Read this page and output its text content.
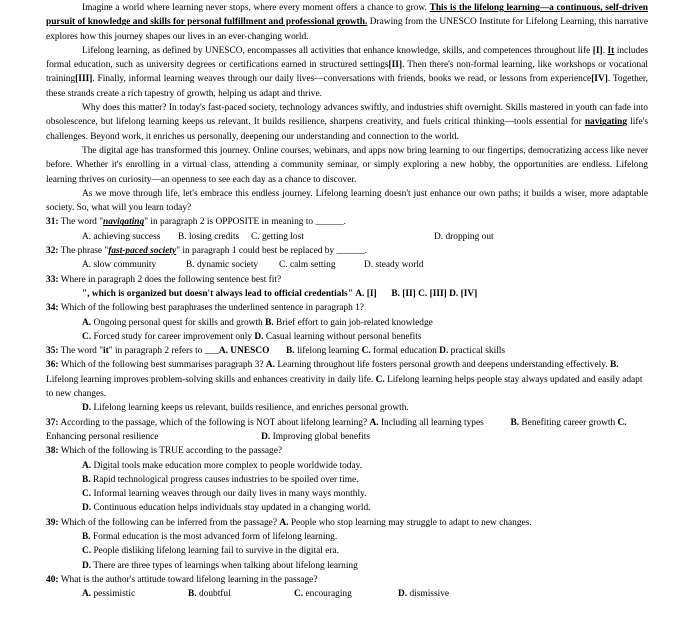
Imagine a world where learning never stops, where every moment offers a chance to grow. This is the lifelong learning—a continuous, self-driven pursuit of knowledge and skills for personal fulfillment and professional growth. Drawing from the UNESCO Institute for Lifelong Learning, this narrative explores how this journey shapes our lives in an ever-changing world.
Lifelong learning, as defined by UNESCO, encompasses all activities that enhance knowledge, skills, and competences throughout life [I]. It includes formal education, such as university degrees or certifications earned in structured settings[II]. Then there's non-formal learning, like workshops or vocational training[III]. Finally, informal learning weaves through our daily lives—conversations with friends, books we read, or lessons from experience[IV]. Together, these strands create a rich tapestry of growth, helping us adapt and thrive.
Why does this matter? In today's fast-paced society, technology advances swiftly, and industries shift overnight. Skills mastered in youth can fade into obsolescence, but lifelong learning keeps us relevant. It builds resilience, sharpens creativity, and fuels critical thinking—tools essential for navigating life's challenges. Beyond work, it enriches us personally, deepening our understanding and connection to the world.
The digital age has transformed this journey. Online courses, webinars, and apps now bring learning to our fingertips, democratizing access like never before. Whether it's enrolling in a virtual class, attending a community seminar, or simply exploring a new hobby, the opportunities are endless. Lifelong learning thrives on curiosity—an openness to see each day as a chance to discover.
As we move through life, let's embrace this endless journey. Lifelong learning doesn't just enhance our own paths; it builds a wiser, more adaptable society. So, what will you learn today?
31: The word "navigating" in paragraph 2 is OPPOSITE in meaning to ______.
A. achieving success	B. losing credits	C. getting lost	D. dropping out
32: The phrase "fast-paced society" in paragraph 1 could best be replaced by ______.
A. slow community	B. dynamic society	C. calm setting	D. steady world
33: Where in paragraph 2 does the following sentence best fit?
", which is organized but doesn't always lead to official credentials" A. [I] B. [II] C. [III] D. [IV]
34: Which of the following best paraphrases the underlined sentence in paragraph 1?
A. Ongoing personal quest for skills and growth B. Brief effort to gain job-related knowledge
C. Forced study for career improvement only D. Casual learning without personal benefits
35: The word "it" in paragraph 2 refers to ___A. UNESCO B. lifelong learning C. formal education D. practical skills
36: Which of the following best summarises paragraph 3? A. Learning throughout life fosters personal growth and deepens understanding effectively. B. Lifelong learning improves problem-solving skills and enhances creativity in daily life. C. Lifelong learning helps people stay always updated and easily adapt to new changes.
D. Lifelong learning keeps us relevant, builds resilience, and enriches personal growth.
37: According to the passage, which of the following is NOT about lifelong learning? A. Including all learning types	B. Benefiting career growth C. Enhancing personal resilience	D. Improving global benefits
38: Which of the following is TRUE according to the passage?
A. Digital tools make education more complex to people worldwide today.
B. Rapid technological progress causes industries to be spoiled over time.
C. Informal learning weaves through our daily lives in many ways monthly.
D. Continuous education helps individuals stay updated in a changing world.
39: Which of the following can be inferred from the passage? A. People who stop learning may struggle to adapt to new changes.
B. Formal education is the most advanced form of lifelong learning.
C. People disliking lifelong learning fail to survive in the digital era.
D. There are three types of learnings when talking about lifelong learning
40: What is the author's attitude toward lifelong learning in the passage?
A. pessimistic	B. doubtful	C. encouraging	D. dismissive
